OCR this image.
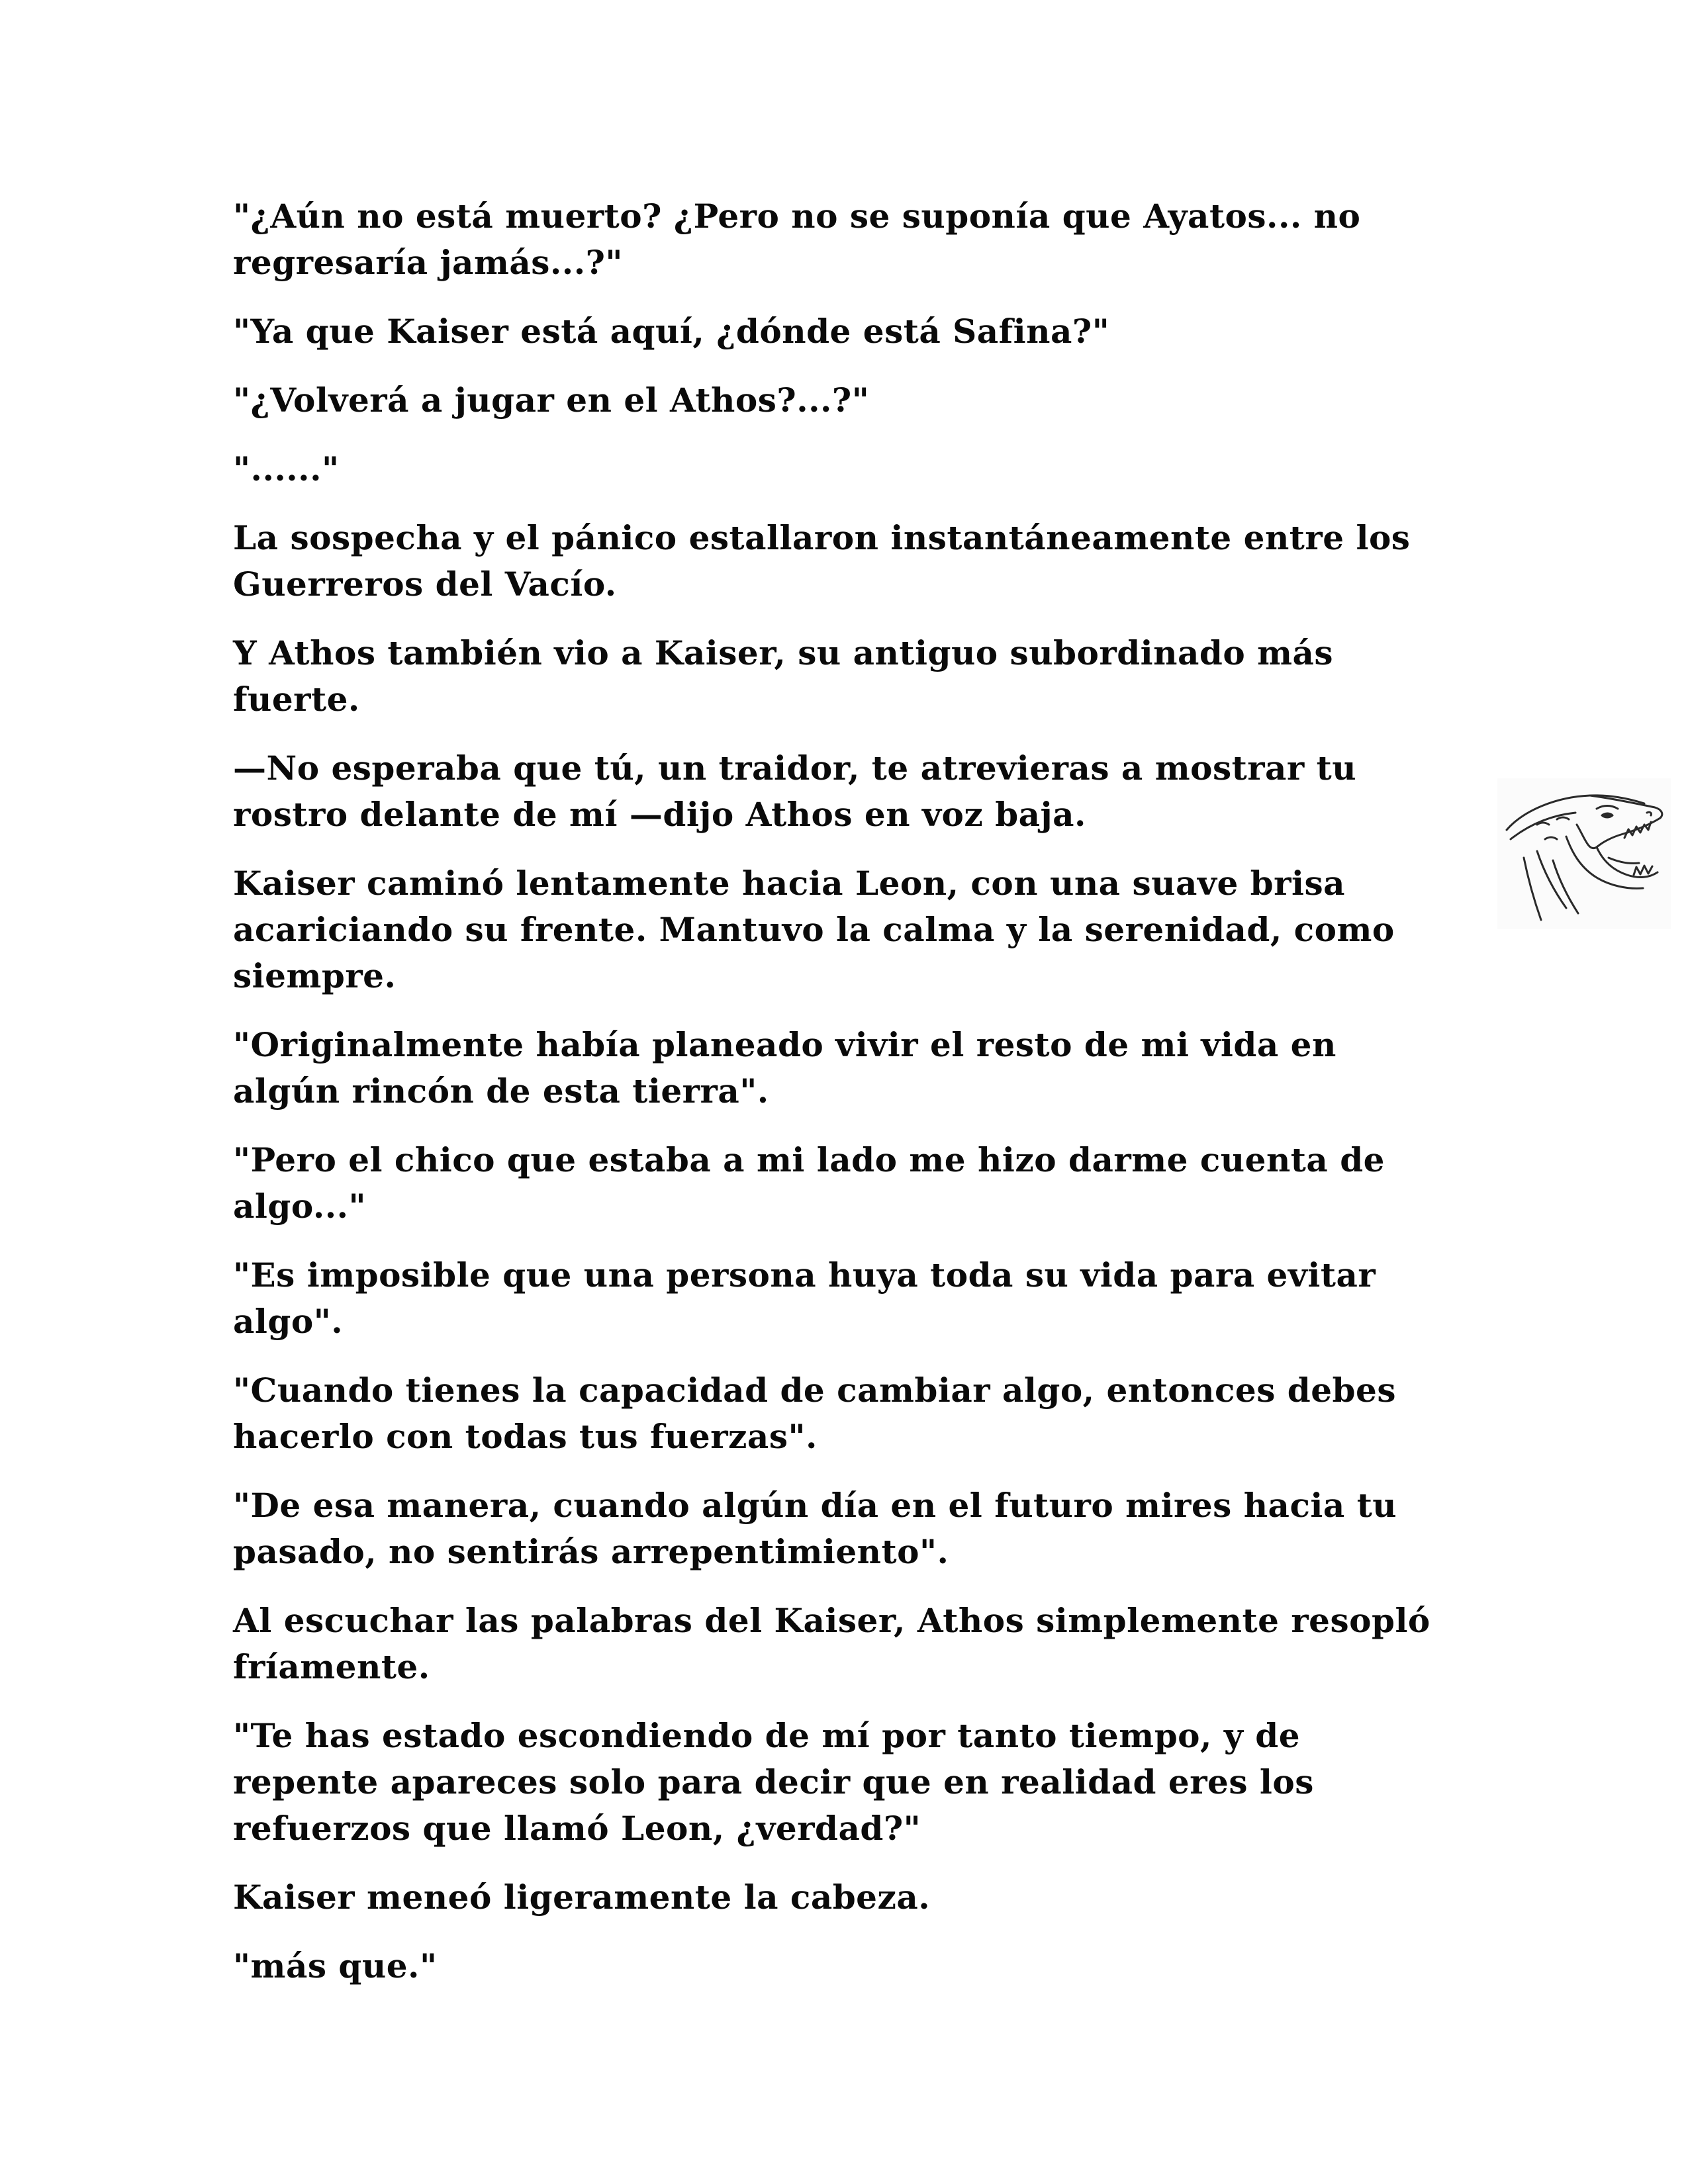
"¿Aún no está muerto? ¿Pero no se suponía que Ayatos... no regresaría jamás...?"

"Ya que Kaiser está aquí, ¿dónde está Safina?"

"¿Volverá a jugar en el Athos?...?"

"......"

La sospecha y el pánico estallaron instantáneamente entre los Guerreros del Vacío.

Y Athos también vio a Kaiser, su antiguo subordinado más fuerte.

—No esperaba que tú, un traidor, te atrevieras a mostrar tu rostro delante de mí —dijo Athos en voz baja.

Kaiser caminó lentamente hacia Leon, con una suave brisa acariciando su frente. Mantuvo la calma y la serenidad, como siempre.

"Originalmente había planeado vivir el resto de mi vida en algún rincón de esta tierra".

"Pero el chico que estaba a mi lado me hizo darme cuenta de algo..."

"Es imposible que una persona huya toda su vida para evitar algo".

"Cuando tienes la capacidad de cambiar algo, entonces debes hacerlo con todas tus fuerzas".

"De esa manera, cuando algún día en el futuro mires hacia tu pasado, no sentirás arrepentimiento".

Al escuchar las palabras del Kaiser, Athos simplemente resopló fríamente.

"Te has estado escondiendo de mí por tanto tiempo, y de repente apareces solo para decir que en realidad eres los refuerzos que llamó Leon, ¿verdad?"

Kaiser meneó ligeramente la cabeza.

"más que."
